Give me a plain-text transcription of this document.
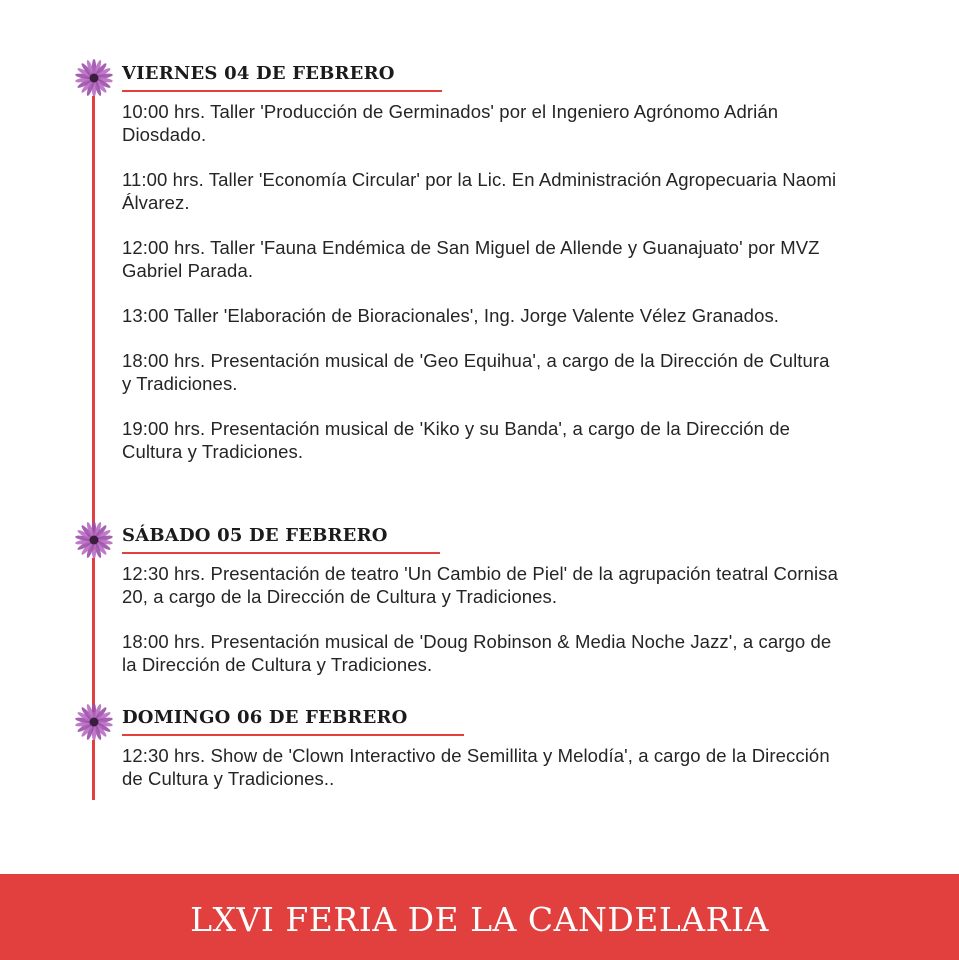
VIERNES 04 DE FEBRERO

10:00 hrs. Taller 'Producción de Germinados' por el Ingeniero Agrónomo Adrián Diosdado.

11:00 hrs. Taller 'Economía Circular' por la Lic. En Administración Agropecuaria Naomi Álvarez.

12:00 hrs. Taller 'Fauna Endémica de San Miguel de Allende y Guanajuato' por MVZ Gabriel Parada.

13:00 Taller 'Elaboración de Bioracionales', Ing. Jorge Valente Vélez Granados.

18:00 hrs. Presentación musical de 'Geo Equihua', a cargo de la Dirección de Cultura y Tradiciones.

19:00 hrs. Presentación musical de 'Kiko y su Banda', a cargo de la Dirección de Cultura y Tradiciones.

SÁBADO 05 DE FEBRERO

12:30 hrs. Presentación de teatro 'Un Cambio de Piel' de la agrupación teatral Cornisa 20, a cargo de la Dirección de Cultura y Tradiciones.

18:00 hrs. Presentación musical de 'Doug Robinson & Media Noche Jazz', a cargo de la Dirección de Cultura y Tradiciones.

DOMINGO 06 DE FEBRERO

12:30 hrs. Show de 'Clown Interactivo de Semillita y Melodía', a cargo de la Dirección de Cultura y Tradiciones..

LXVI FERIA DE LA CANDELARIA
